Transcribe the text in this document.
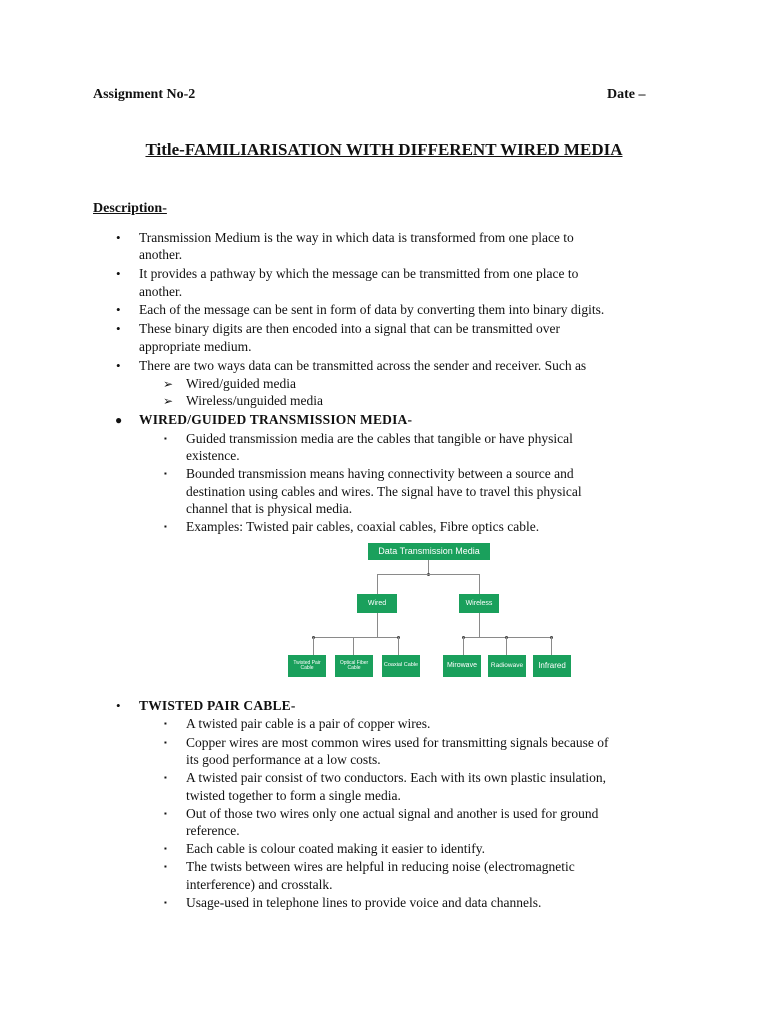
Assignment No-2	Date –
Title-FAMILIARISATION WITH DIFFERENT WIRED MEDIA
Description-
• Transmission Medium is the way in which data is transformed from one place to
another.
• It provides a pathway by which the message can be transmitted from one place to
another.
• Each of the message can be sent in form of data by converting them into binary digits.
• These binary digits are then encoded into a signal that can be transmitted over
appropriate medium.
• There are two ways data can be transmitted across the sender and receiver. Such as
➢ Wired/guided media
➢ Wireless/unguided media
● WIRED/GUIDED TRANSMISSION MEDIA-
▪ Guided transmission media are the cables that tangible or have physical
existence.
▪ Bounded transmission means having connectivity between a source and
destination using cables and wires. The signal have to travel this physical
channel that is physical media.
▪ Examples: Twisted pair cables, coaxial cables, Fibre optics cable.
• TWISTED PAIR CABLE-
▪ A twisted pair cable is a pair of copper wires.
▪ Copper wires are most common wires used for transmitting signals because of
its good performance at a low costs.
▪ A twisted pair consist of two conductors. Each with its own plastic insulation,
twisted together to form a single media.
▪ Out of those two wires only one actual signal and another is used for ground
reference.
▪ Each cable is colour coated making it easier to identify.
▪ The twists between wires are helpful in reducing noise (electromagnetic
interference) and crosstalk.
▪ Usage-used in telephone lines to provide voice and data channels.
Data Transmission Media
Wired	Wireless
Twisted Pair Cable
Optical Fiber Cable	Coaxial Cable	Mirowave	Radiowave	Infrared
